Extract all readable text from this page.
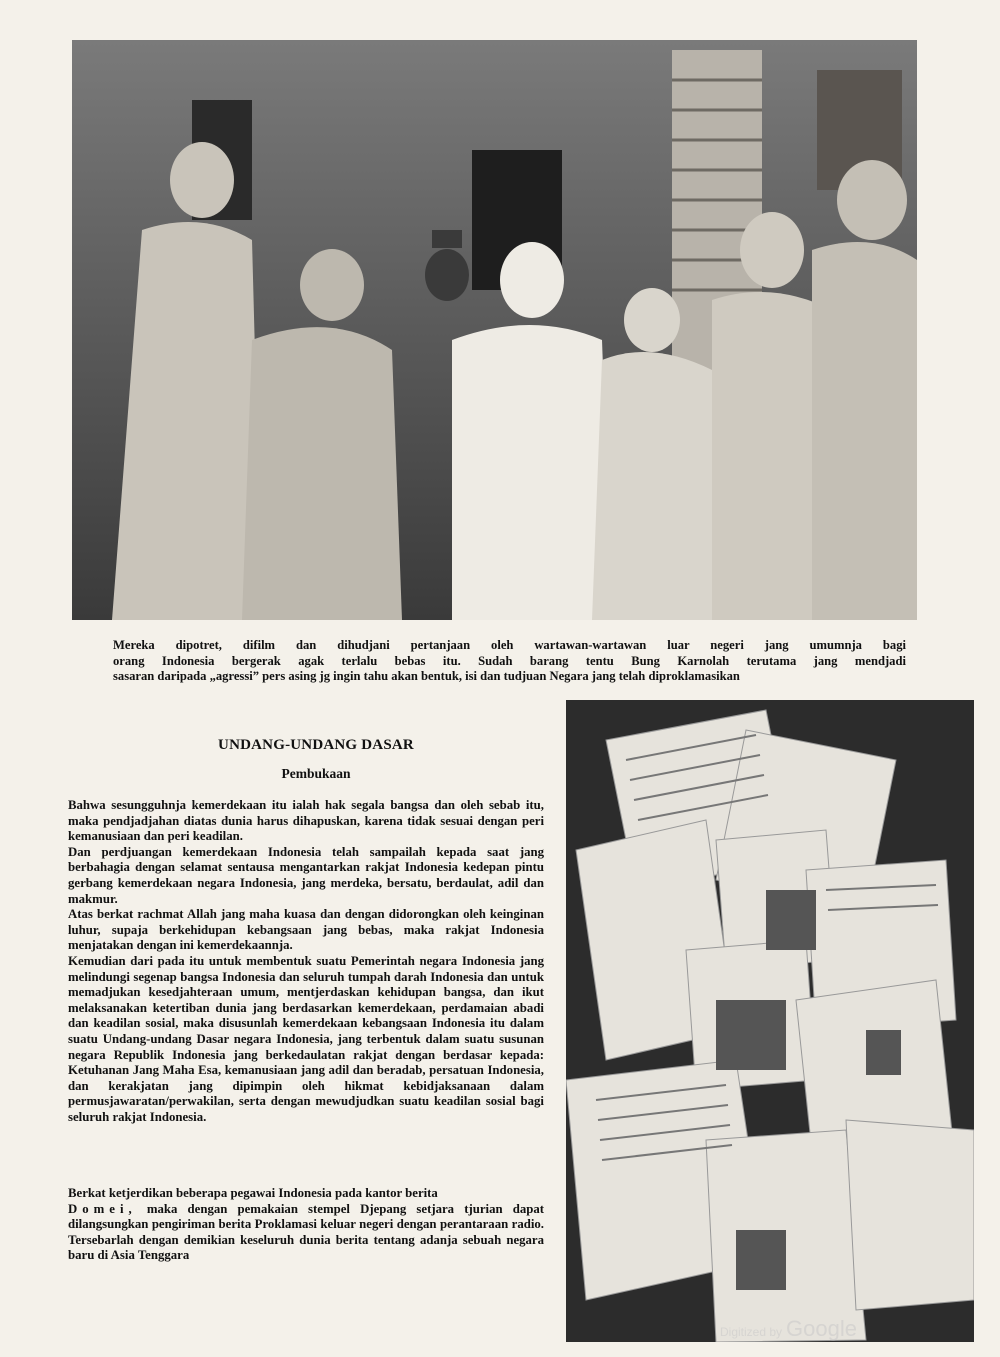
Mereka dipotret, difilm dan dihudjani pertanjaan oleh wartawan-wartawan luar negeri jang umumnja bagi

orang Indonesia bergerak agak terlalu bebas itu. Sudah barang tentu Bung Karnolah terutama jang mendjadi

sasaran daripada „agressi” pers asing jg ingin tahu akan bentuk, isi dan tudjuan Negara jang telah diproklamasikan

UNDANG-UNDANG DASAR
Pembukaan

Bahwa sesungguhnja kemerdekaan itu ialah hak segala bangsa dan oleh sebab itu, maka pendjadjahan diatas dunia harus dihapuskan, karena tidak sesuai dengan peri kemanusiaan dan peri keadilan.

Dan perdjuangan kemerdekaan Indonesia telah sampailah kepada saat jang berbahagia dengan selamat sentausa mengantarkan rakjat Indonesia kedepan pintu gerbang kemerdekaan negara Indonesia, jang merdeka, bersatu, berdaulat, adil dan makmur.

Atas berkat rachmat Allah jang maha kuasa dan dengan didorongkan oleh keinginan luhur, supaja berkehidupan kebangsaan jang bebas, maka rakjat Indonesia menjatakan dengan ini kemerdekaannja.

Kemudian dari pada itu untuk membentuk suatu Pemerintah negara Indonesia jang melindungi segenap bangsa Indonesia dan seluruh tumpah darah Indonesia dan untuk memadjukan kesedjahteraan umum, mentjerdaskan kehidupan bangsa, dan ikut melaksanakan ketertiban dunia jang berdasarkan kemerdekaan, perdamaian abadi dan keadilan sosial, maka disusunlah kemerdekaan kebangsaan Indonesia itu dalam suatu Undang-undang Dasar negara Indonesia, jang terbentuk dalam suatu susunan negara Republik Indonesia jang berkedaulatan rakjat dengan berdasar kepada: Ketuhanan Jang Maha Esa, kemanusiaan jang adil dan beradab, persatuan Indonesia, dan kerakjatan jang dipimpin oleh hikmat kebidjaksanaan dalam permusjawaratan/perwakilan, serta dengan mewudjudkan suatu keadilan sosial bagi seluruh rakjat Indonesia.

Berkat ketjerdikan beberapa pegawai Indonesia pada kantor berita
Domei, maka dengan pemakaian stempel Djepang setjara tjurian dapat dilangsungkan pengiriman berita Proklamasi keluar negeri dengan perantaraan radio. Tersebarlah dengan demikian keseluruh dunia berita tentang adanja sebuah negara baru di Asia Tenggara

Digitized by Google
